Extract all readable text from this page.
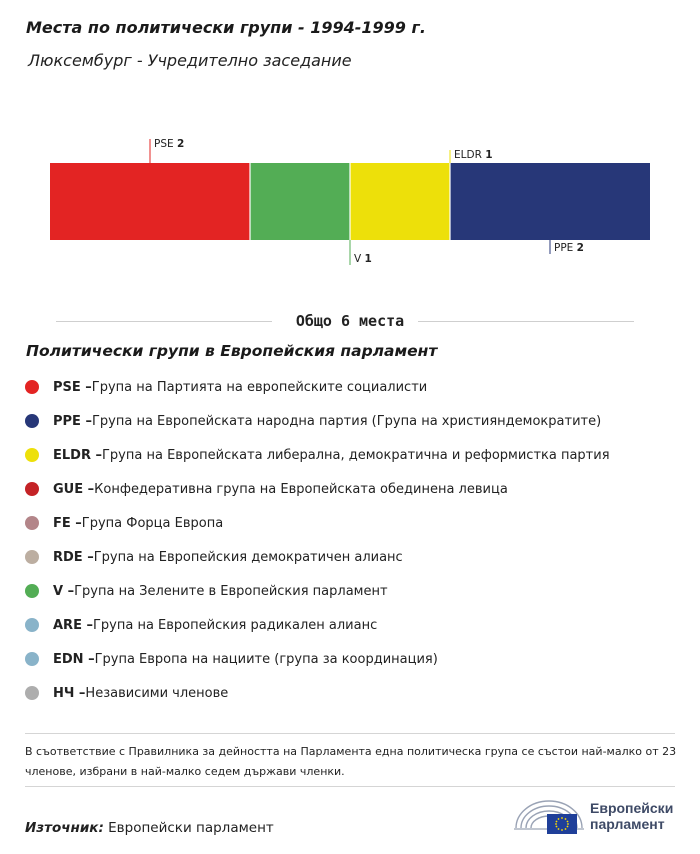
Места по политически групи - 1994-1999 г.
Люксембург - Учредително заседание
PSE 2
V 1
ELDR 1
PPE 2
Общо 6 места
Политически групи в Европейския парламент
PSE – Група на Партията на европейските социалисти
PPE – Група на Европейската народна партия (Група на християндемократите)
ELDR – Група на Европейската либерална, демократична и реформистка партия
GUE – Конфедеративна група на Европейската обединена левица
FE – Група Форца Европа
RDE – Група на Европейския демократичен алианс
V – Група на Зелените в Европейския парламент
ARE – Група на Европейския радикален алианс
EDN – Група Европа на нациите (група за координация)
НЧ – Независими членове
В съответствие с Правилника за дейността на Парламента една политическа група се състои най-малко от 23 членове, избрани в най-малко седем държави членки.
Източник: Европейски парламент
Европейски
парламент
